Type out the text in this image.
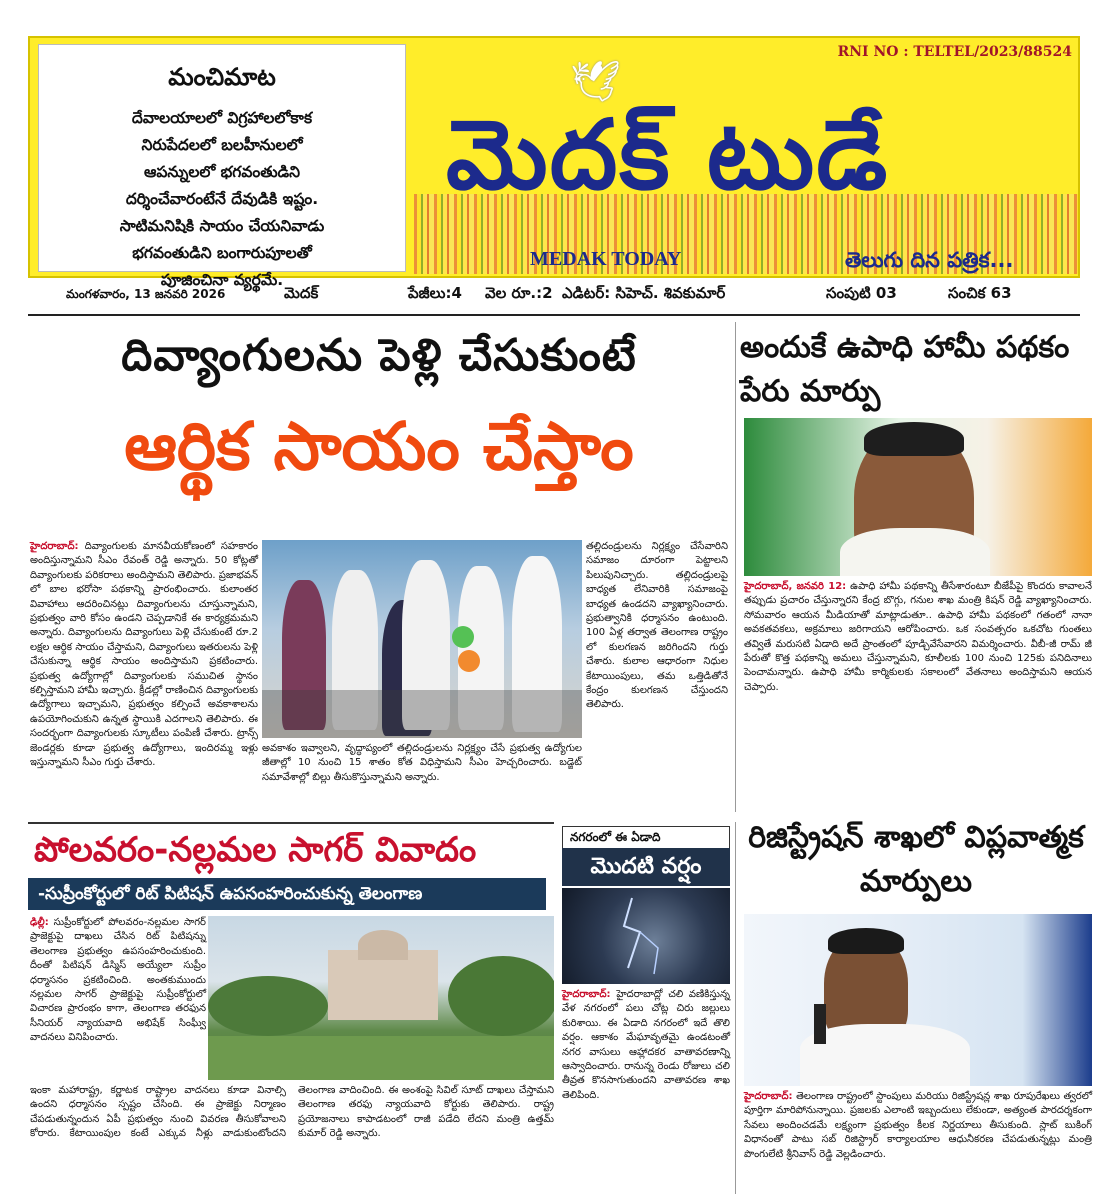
మంచిమాట
దేవాలయాలలో విగ్రహాలలోకాక
నిరుపేదలలో బలహీనులలో
ఆపన్నులలో భగవంతుడిని
దర్శించేవారంటేనే దేవుడికి ఇష్టం.
సాటిమనిషికి సాయం చేయనివాడు
భగవంతుడిని బంగారుపూలతో
పూజించినా వ్యర్థమే.
🕊
RNI NO : TELTEL/2023/88524
మెదక్ టుడే
MEDAK TODAY	తెలుగు దిన పత్రిక...
మంగళవారం, 13 జనవరి 2026	మెదక్	పేజీలు:4 వెల రూ.:2 ఎడిటర్: సిహెచ్. శివకుమార్	సంపుటి 03	సంచిక 63
దివ్యాంగులను పెళ్లి చేసుకుంటే
ఆర్థిక సాయం చేస్తాం
హైదరాబాద్: దివ్యాంగులకు మానవీయకోణంలో సహకారం అందిస్తున్నామని సీఎం రేవంత్ రెడ్డి అన్నారు. 50 కోట్లతో దివ్యాంగులకు పరికరాలు అందిస్తామని తెలిపారు. ప్రజాభవన్ లో బాల భరోసా పథకాన్ని ప్రారంభించారు. కులాంతర వివాహాలు ఆదరించినట్లు దివ్యాంగులను చూస్తున్నామని, ప్రభుత్వం వారి కోసం ఉండని చెప్పడానికే ఈ కార్యక్రమమని అన్నారు. దివ్యాంగులను దివ్యాంగులు పెళ్లి చేసుకుంటే రూ.2 లక్షల ఆర్థిక సాయం చేస్తామని, దివ్యాంగులు ఇతరులను పెళ్లి చేసుకున్నా ఆర్థిక సాయం అందిస్తామని ప్రకటించారు. ప్రభుత్వ ఉద్యోగాల్లో దివ్యాంగులకు సముచిత స్థానం కల్పిస్తామని హామీ ఇచ్చారు. క్రీడల్లో రాణించిన దివ్యాంగులకు ఉద్యోగాలు ఇచ్చామని, ప్రభుత్వం కల్పించే అవకాశాలను ఉపయోగించుకుని ఉన్నత స్థాయికి ఎదగాలని తెలిపారు. ఈ సందర్భంగా దివ్యాంగులకు స్కూటీలు పంపిణీ చేశారు. ట్రాన్స్ జెండర్లకు కూడా ప్రభుత్వ ఉద్యోగాలు, ఇందిరమ్మ ఇళ్లు ఇస్తున్నామని సీఎం గుర్తు చేశారు.
అవకాశం ఇవ్వాలని, వృద్ధాప్యంలో తల్లిదండ్రులను నిర్లక్ష్యం చేసే ప్రభుత్వ ఉద్యోగుల జీతాల్లో 10 నుంచి 15 శాతం కోత విధిస్తామని సీఎం హెచ్చరించారు. బడ్జెట్ సమావేశాల్లో బిల్లు తీసుకొస్తున్నామని అన్నారు.
తల్లిదండ్రులను నిర్లక్ష్యం చేసేవారిని సమాజం దూరంగా పెట్టాలని పిలుపునిచ్చారు. తల్లిదండ్రులపై బాధ్యత లేనివారికి సమాజంపై బాధ్యత ఉండదని వ్యాఖ్యానించారు. ప్రభుత్వానికి ధర్మాసనం ఉంటుంది. 100 ఏళ్ల తర్వాత తెలంగాణ రాష్ట్రం లో కులగణన జరిగిందని గుర్తు చేశారు. కులాల ఆధారంగా నిధుల కేటాయింపులు, తమ ఒత్తిడితోనే కేంద్రం కులగణన చేస్తుందని తెలిపారు.
అందుకే ఉపాధి హామీ పథకం పేరు మార్పు
హైదరాబాద్, జనవరి 12: ఉపాధి హామీ పథకాన్ని తీసేశారంటూ బీజేపీపై కొందరు కావాలనే తప్పుడు ప్రచారం చేస్తున్నారని కేంద్ర బొగ్గు, గనుల శాఖ మంత్రి కిషన్ రెడ్డి వ్యాఖ్యానించారు. సోమవారం ఆయన మీడియాతో మాట్లాడుతూ.. ఉపాధి హామీ పథకంలో గతంలో నానా అవకతవకలు, అక్రమాలు జరిగాయని ఆరోపించారు. ఒక సంవత్సరం ఒకచోట గుంతలు తవ్వితే మరుసటి ఏడాది అదే ప్రాంతంలో పూడ్చివేసేవారని విమర్శించారు. వీబీ-జీ రామ్ జీ పేరుతో కొత్త పథకాన్ని అమలు చేస్తున్నామని, కూలీలకు 100 నుంచి 125కు పనిదినాలు పెంచామన్నారు. ఉపాధి హామీ కార్మికులకు సకాలంలో వేతనాలు అందిస్తామని ఆయన చెప్పారు.
పోలవరం-నల్లమల సాగర్ వివాదం
-సుప్రీంకోర్టులో రిట్ పిటిషన్ ఉపసంహరించుకున్న తెలంగాణ
ఢిల్లీ: సుప్రీంకోర్టులో పోలవరం-నల్లమల సాగర్ ప్రాజెక్టుపై దాఖలు చేసిన రిట్ పిటిషన్ను తెలంగాణ ప్రభుత్వం ఉపసంహరించుకుంది. దీంతో పిటిషన్ డిస్మిస్ అయ్యేలా సుప్రీం ధర్మాసనం ప్రకటించింది. అంతకుముందు నల్లమల సాగర్ ప్రాజెక్టుపై సుప్రీంకోర్టులో విచారణ ప్రారంభం కాగా, తెలంగాణ తరఫున సీనియర్ న్యాయవాది అభిషేక్ సింఘ్వీ వాదనలు వినిపించారు.
ఇంకా మహారాష్ట్ర, కర్ణాటక రాష్ట్రాల వాదనలు కూడా వినాల్సి ఉందని ధర్మాసనం స్పష్టం చేసింది. ఈ ప్రాజెక్టు నిర్మాణం చేపడుతున్నందున ఏపీ ప్రభుత్వం నుంచి వివరణ తీసుకోవాలని కోరారు. కేటాయింపుల కంటే ఎక్కువ నీళ్లు వాడుకుంటోందని తెలంగాణ వాదించింది. ఈ అంశంపై సివిల్ సూట్ దాఖలు చేస్తామని తెలంగాణ తరఫు న్యాయవాది కోర్టుకు తెలిపారు. రాష్ట్ర ప్రయోజనాలు కాపాడటంలో రాజీ పడేది లేదని మంత్రి ఉత్తమ్ కుమార్ రెడ్డి అన్నారు.
నగరంలో ఈ ఏడాది
మొదటి వర్షం
హైదరాబాద్: హైదరాబాద్లో చలి వణికిస్తున్న వేళ నగరంలో పలు చోట్ల చిరు జల్లులు కురిశాయి. ఈ ఏడాది నగరంలో ఇదే తొలి వర్షం. ఆకాశం మేఘావృతమై ఉండటంతో నగర వాసులు ఆహ్లాదకర వాతావరణాన్ని ఆస్వాదించారు. రానున్న రెండు రోజులు చలి తీవ్రత కొనసాగుతుందని వాతావరణ శాఖ తెలిపింది.
రిజిస్ట్రేషన్ శాఖలో విప్లవాత్మక మార్పులు
హైదరాబాద్: తెలంగాణ రాష్ట్రంలో స్టాంపులు మరియు రిజిస్ట్రేషన్ల శాఖ రూపురేఖలు త్వరలో పూర్తిగా మారిపోనున్నాయి. ప్రజలకు ఎలాంటి ఇబ్బందులు లేకుండా, అత్యంత పారదర్శకంగా సేవలు అందించడమే లక్ష్యంగా ప్రభుత్వం కీలక నిర్ణయాలు తీసుకుంది. స్లాట్ బుకింగ్ విధానంతో పాటు సబ్ రిజిస్ట్రార్ కార్యాలయాల ఆధునీకరణ చేపడుతున్నట్లు మంత్రి పొంగులేటి శ్రీనివాస్ రెడ్డి వెల్లడించారు.
